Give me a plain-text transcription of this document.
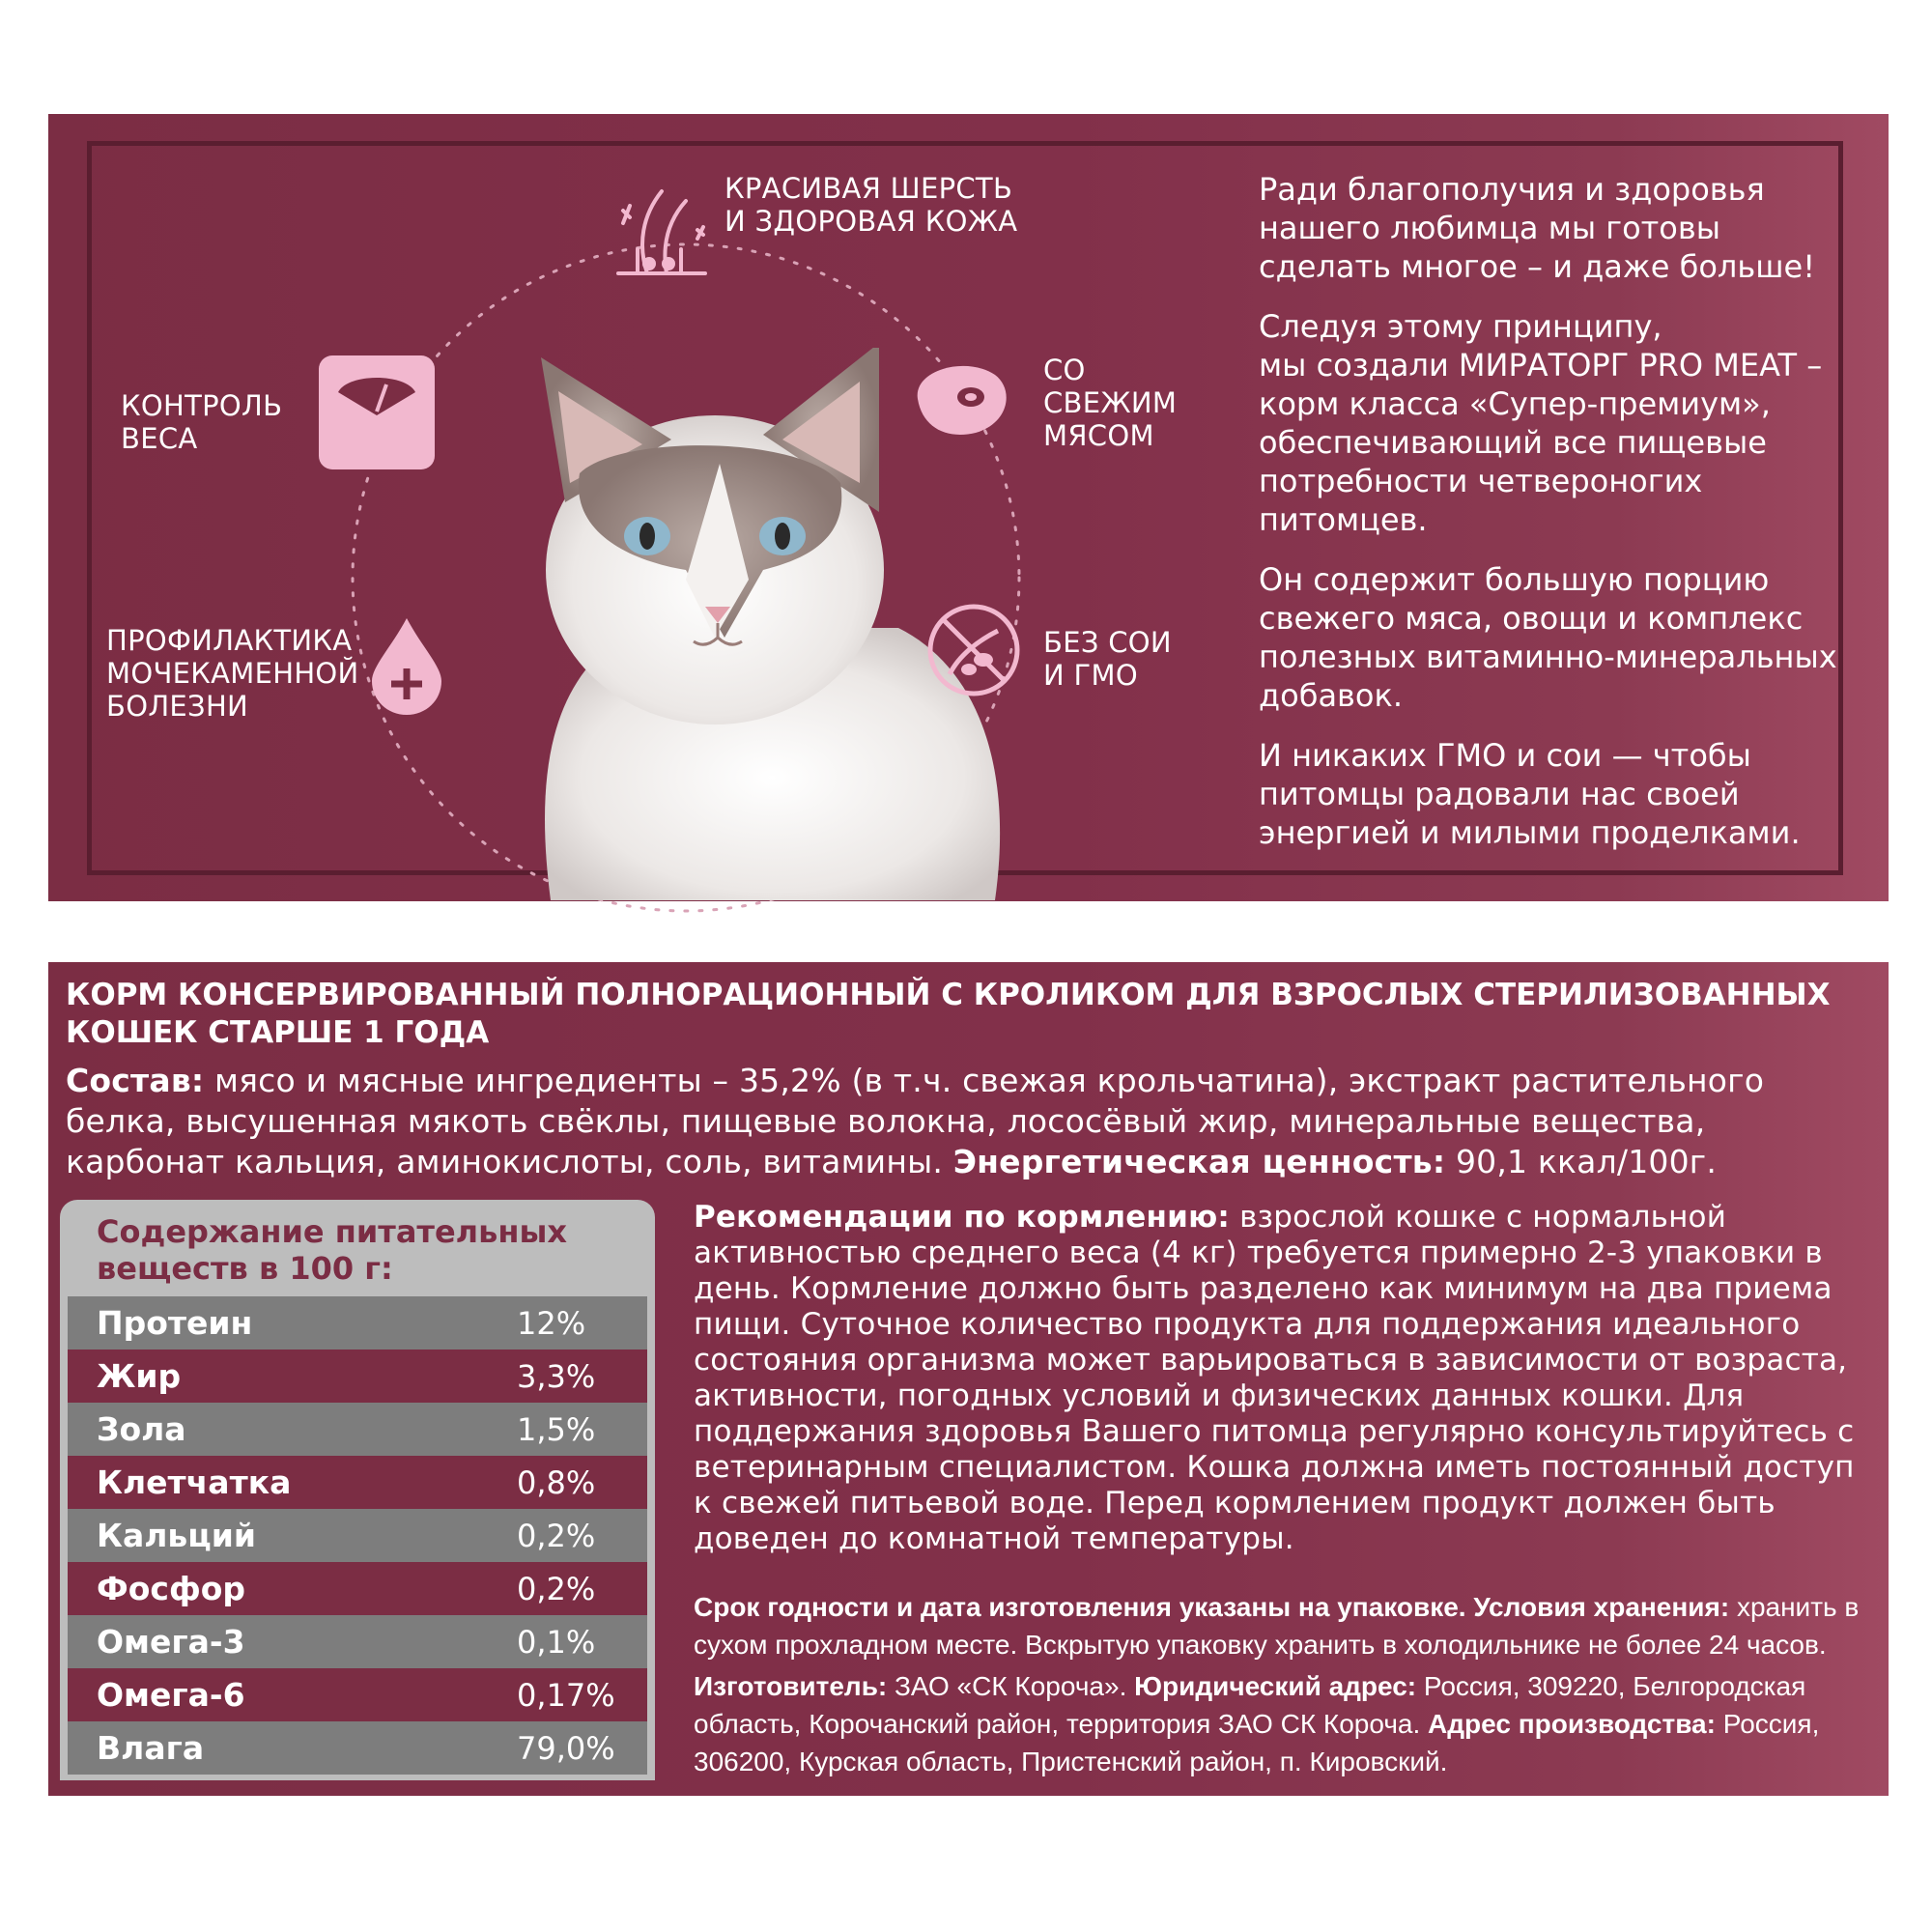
КРАСИВАЯ ШЕРСТЬ
И ЗДОРОВАЯ КОЖА
КОНТРОЛЬ
ВЕСА
СО
СВЕЖИМ
МЯСОМ
ПРОФИЛАКТИКА
МОЧЕКАМЕННОЙ
БОЛЕЗНИ
БЕЗ СОИ
И ГМО

Ради благополучия и здоровья
нашего любимца мы готовы
сделать многое – и даже больше!

Следуя этому принципу,
мы создали МИРАТОРГ PRO MEAT –
корм класса «Супер-премиум»,
обеспечивающий все пищевые
потребности четвероногих
питомцев.

Он содержит большую порцию
свежего мяса, овощи и комплекс
полезных витаминно-минеральных
добавок.

И никаких ГМО и сои — чтобы
питомцы радовали нас своей
энергией и милыми проделками.

КОРМ КОНСЕРВИРОВАННЫЙ ПОЛНОРАЦИОННЫЙ С КРОЛИКОМ ДЛЯ ВЗРОСЛЫХ СТЕРИЛИЗОВАННЫХ КОШЕК СТАРШЕ 1 ГОДА
Состав: мясо и мясные ингредиенты – 35,2% (в т.ч. свежая крольчатина), экстракт растительного белка, высушенная мякоть свёклы, пищевые волокна, лососёвый жир, минеральные вещества, карбонат кальция, аминокислоты, соль, витамины. Энергетическая ценность: 90,1 ккал/100г.
Содержание питательных веществ в 100 г:
Протеин	12%
Жир	3,3%
Зола	1,5%
Клетчатка	0,8%
Кальций	0,2%
Фосфор	0,2%
Омега-3	0,1%
Омега-6	0,17%
Влага	79,0%
Рекомендации по кормлению: взрослой кошке с нормальной активностью среднего веса (4 кг) требуется примерно 2-3 упаковки в день. Кормление должно быть разделено как минимум на два приема пищи. Суточное количество продукта для поддержания идеального состояния организма может варьироваться в зависимости от возраста, активности, погодных условий и физических данных кошки. Для поддержания здоровья Вашего питомца регулярно консультируйтесь с ветеринарным специалистом. Кошка должна иметь постоянный доступ к свежей питьевой воде. Перед кормлением продукт должен быть доведен до комнатной температуры.
Срок годности и дата изготовления указаны на упаковке. Условия хранения: хранить в сухом прохладном месте. Вскрытую упаковку хранить в холодильнике не более 24 часов.
Изготовитель: ЗАО «СК Короча». Юридический адрес: Россия, 309220, Белгородская область, Корочанский район, территория ЗАО СК Короча. Адрес производства: Россия, 306200, Курская область, Пристенский район, п. Кировский.
